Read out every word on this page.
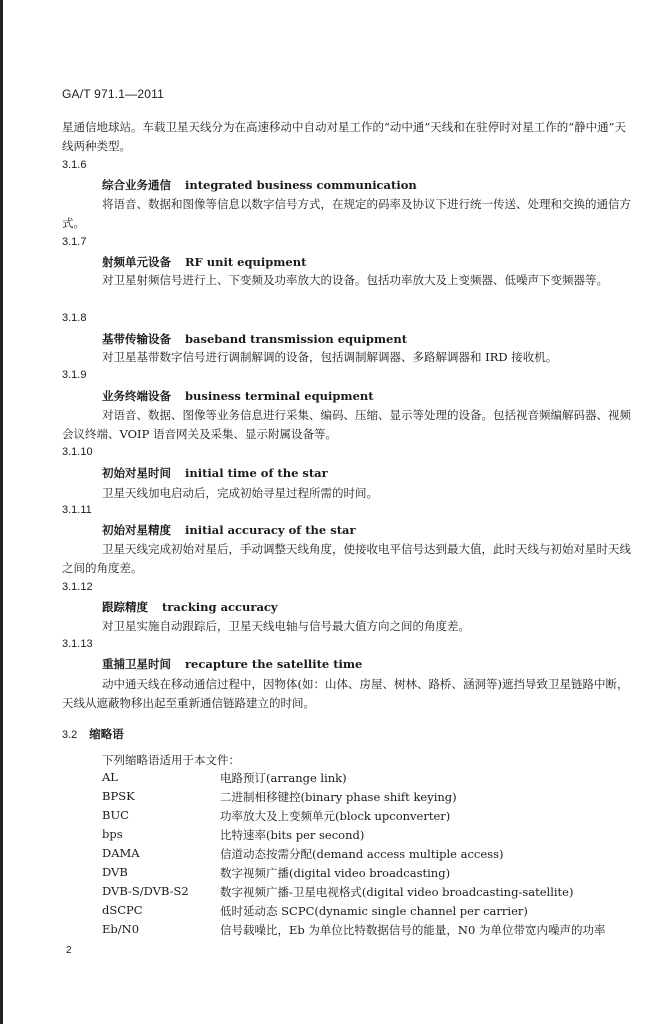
GA/T 971.1—2011
星通信地球站。车载卫星天线分为在高速移动中自动对星工作的“动中通”天线和在驻停时对星工作的“静中通”天线两种类型。
3.1.6
综合业务通信 integrated business communication
将语音、数据和图像等信息以数字信号方式，在规定的码率及协议下进行统一传送、处理和交换的通信方式。
3.1.7
射频单元设备 RF unit equipment
对卫星射频信号进行上、下变频及功率放大的设备。包括功率放大及上变频器、低噪声下变频器等。
3.1.8
基带传输设备 baseband transmission equipment
对卫星基带数字信号进行调制解调的设备，包括调制解调器、多路解调器和 IRD 接收机。
3.1.9
业务终端设备 business terminal equipment
对语音、数据、图像等业务信息进行采集、编码、压缩、显示等处理的设备。包括视音频编解码器、视频会议终端、VOIP 语音网关及采集、显示附属设备等。
3.1.10
初始对星时间 initial time of the star
卫星天线加电启动后，完成初始寻星过程所需的时间。
3.1.11
初始对星精度 initial accuracy of the star
卫星天线完成初始对星后，手动调整天线角度，使接收电平信号达到最大值，此时天线与初始对星时天线之间的角度差。
3.1.12
跟踪精度 tracking accuracy
对卫星实施自动跟踪后，卫星天线电轴与信号最大值方向之间的角度差。
3.1.13
重捕卫星时间 recapture the satellite time
动中通天线在移动通信过程中，因物体(如：山体、房屋、树林、路桥、涵洞等)遮挡导致卫星链路中断，天线从遮蔽物移出起至重新通信链路建立的时间。
3.2 缩略语
下列缩略语适用于本文件：
AL	电路预订(arrange link)
BPSK	二进制相移键控(binary phase shift keying)
BUC	功率放大及上变频单元(block upconverter)
bps	比特速率(bits per second)
DAMA	信道动态按需分配(demand access multiple access)
DVB	数字视频广播(digital video broadcasting)
DVB-S/DVB-S2	数字视频广播-卫星电视格式(digital video broadcasting-satellite)
dSCPC	低时延动态 SCPC(dynamic single channel per carrier)
Eb/N0	信号载噪比，Eb 为单位比特数据信号的能量，N0 为单位带宽内噪声的功率
2
